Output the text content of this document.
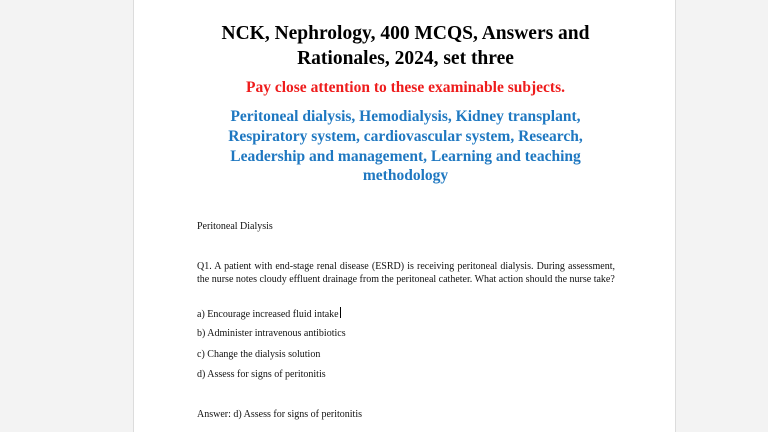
NCK, Nephrology, 400 MCQS, Answers and
Rationales, 2024, set three
Pay close attention to these examinable subjects.
Peritoneal dialysis, Hemodialysis, Kidney transplant, Respiratory system, cardiovascular system, Research, Leadership and management, Learning and teaching methodology
Peritoneal Dialysis
Q1. A patient with end-stage renal disease (ESRD) is receiving peritoneal dialysis. During assessment, the nurse notes cloudy effluent drainage from the peritoneal catheter. What action should the nurse take?
a) Encourage increased fluid intake
b) Administer intravenous antibiotics
c) Change the dialysis solution
d) Assess for signs of peritonitis
Answer: d) Assess for signs of peritonitis
